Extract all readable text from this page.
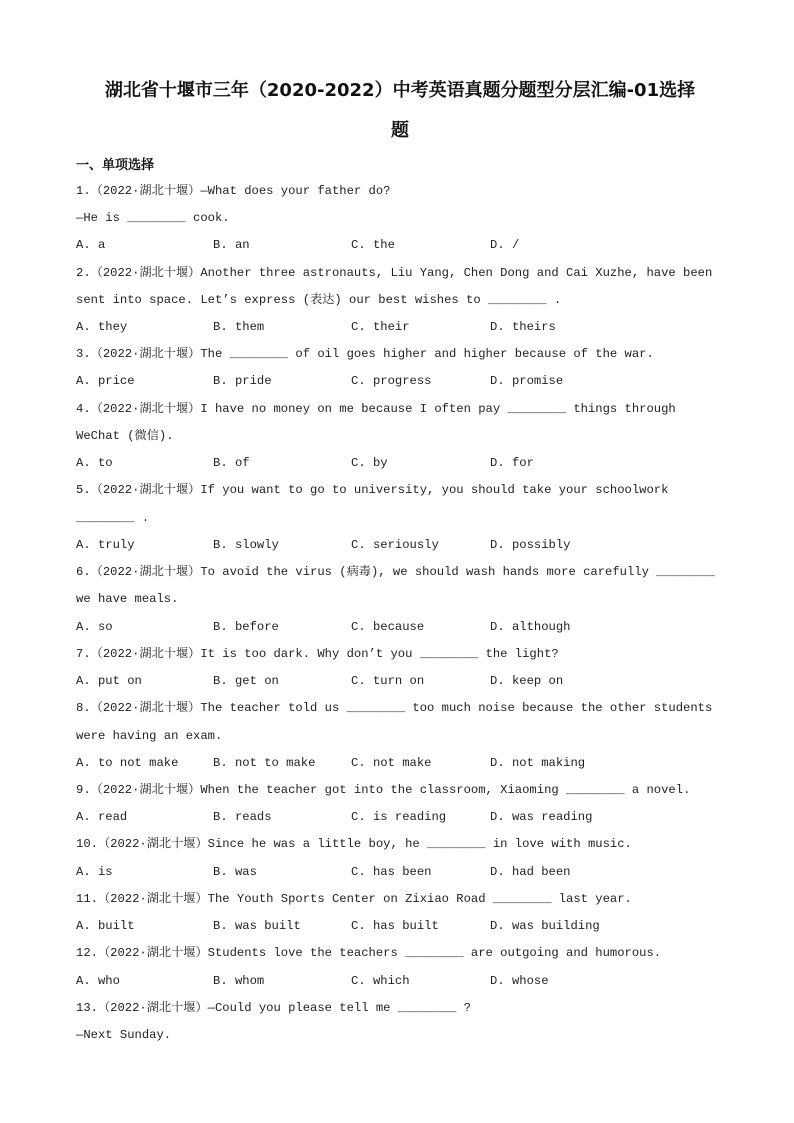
湖北省十堰市三年（2020-2022）中考英语真题分题型分层汇编-01选择
题
一、单项选择
1.（2022·湖北十堰）—What does your father do?
—He is ________ cook.
A. a	B. an	C. the	D. /
2.（2022·湖北十堰）Another three astronauts, Liu Yang, Chen Dong and Cai Xuzhe, have been
sent into space. Let’s express (表达) our best wishes to ________ .
A. they	B. them	C. their	D. theirs
3.（2022·湖北十堰）The ________ of oil goes higher and higher because of the war.
A. price	B. pride	C. progress	D. promise
4.（2022·湖北十堰）I have no money on me because I often pay ________ things through
WeChat (微信).
A. to	B. of	C. by	D. for
5.（2022·湖北十堰）If you want to go to university, you should take your schoolwork
________ .
A. truly	B. slowly	C. seriously	D. possibly
6.（2022·湖北十堰）To avoid the virus (病毒), we should wash hands more carefully ________
we have meals.
A. so	B. before	C. because	D. although
7.（2022·湖北十堰）It is too dark. Why don’t you ________ the light?
A. put on	B. get on	C. turn on	D. keep on
8.（2022·湖北十堰）The teacher told us ________ too much noise because the other students
were having an exam.
A. to not make	B. not to make	C. not make	D. not making
9.（2022·湖北十堰）When the teacher got into the classroom, Xiaoming ________ a novel.
A. read	B. reads	C. is reading	D. was reading
10.（2022·湖北十堰）Since he was a little boy, he ________ in love with music.
A. is	B. was	C. has been	D. had been
11.（2022·湖北十堰）The Youth Sports Center on Zixiao Road ________ last year.
A. built	B. was built	C. has built	D. was building
12.（2022·湖北十堰）Students love the teachers ________ are outgoing and humorous.
A. who	B. whom	C. which	D. whose
13.（2022·湖北十堰）—Could you please tell me ________ ?
—Next Sunday.
